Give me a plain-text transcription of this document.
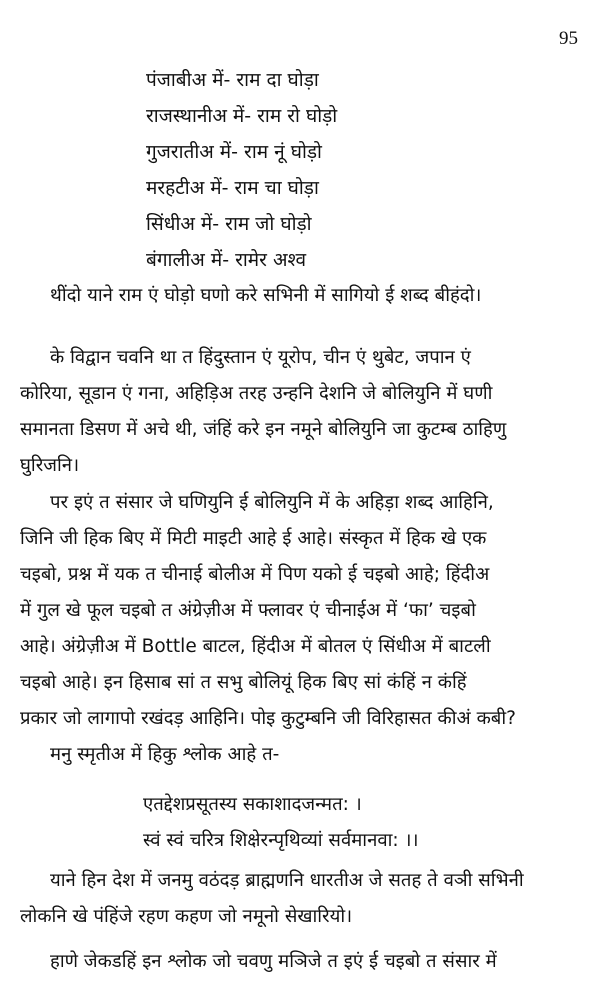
95
पंजाबीअ में- राम दा घोड़ा
राजस्थानीअ में- राम रो घोड़ो
गुजरातीअ में- राम नूं घोड़ो
मरहटीअ में- राम चा घोड़ा
सिंधीअ में- राम जो घोड़ो
बंगालीअ में- रामेर अश्व

थींदो याने राम एं घोड़ो घणो करे सभिनी में सागियो ई शब्द बीहंदो।

के विद्वान चवनि था त हिंदुस्तान एं यूरोप, चीन एं थुबेट, जपान एं
कोरिया, सूडान एं गना, अहिड़िअ तरह उन्हनि देशनि जे बोलियुनि में घणी
समानता डिसण में अचे थी, जंहिं करे इन नमूने बोलियुनि जा कुटम्ब ठाहिणु
घुरिजनि।

पर इएं त संसार जे घणियुनि ई बोलियुनि में के अहिड़ा शब्द आहिनि,
जिनि जी हिक बिए में मिटी माइटी आहे ई आहे। संस्कृत में हिक खे एक
चइबो, प्रश्न में यक त चीनाई बोलीअ में पिण यको ई चइबो आहे; हिंदीअ
में गुल खे फूल चइबो त अंग्रेज़ीअ में फ्लावर एं चीनाईअ में ‘फा’ चइबो
आहे। अंग्रेज़ीअ में Bottle बाटल, हिंदीअ में बोतल एं सिंधीअ में बाटली
चइबो आहे। इन हिसाब सां त सभु बोलियूं हिक बिए सां कंहिं न कंहिं
प्रकार जो लागापो रखंदड़ आहिनि। पोइ कुटुम्बनि जी विरिहासत कीअं कबी?

मनु स्मृतीअ में हिकु श्लोक आहे त-

एतद्देशप्रसूतस्य सकाशादजन्मत: ।
स्वं स्वं चरित्र शिक्षेरन्पृथिव्यां सर्वमानवा: ।।

याने हिन देश में जनमु वठंदड़ ब्राह्मणनि धारतीअ जे सतह ते वञी सभिनी
लोकनि खे पंहिंजे रहण कहण जो नमूनो सेखारियो।

हाणे जेकडहिं इन श्लोक जो चवणु मञिजे त इएं ई चइबो त संसार में
